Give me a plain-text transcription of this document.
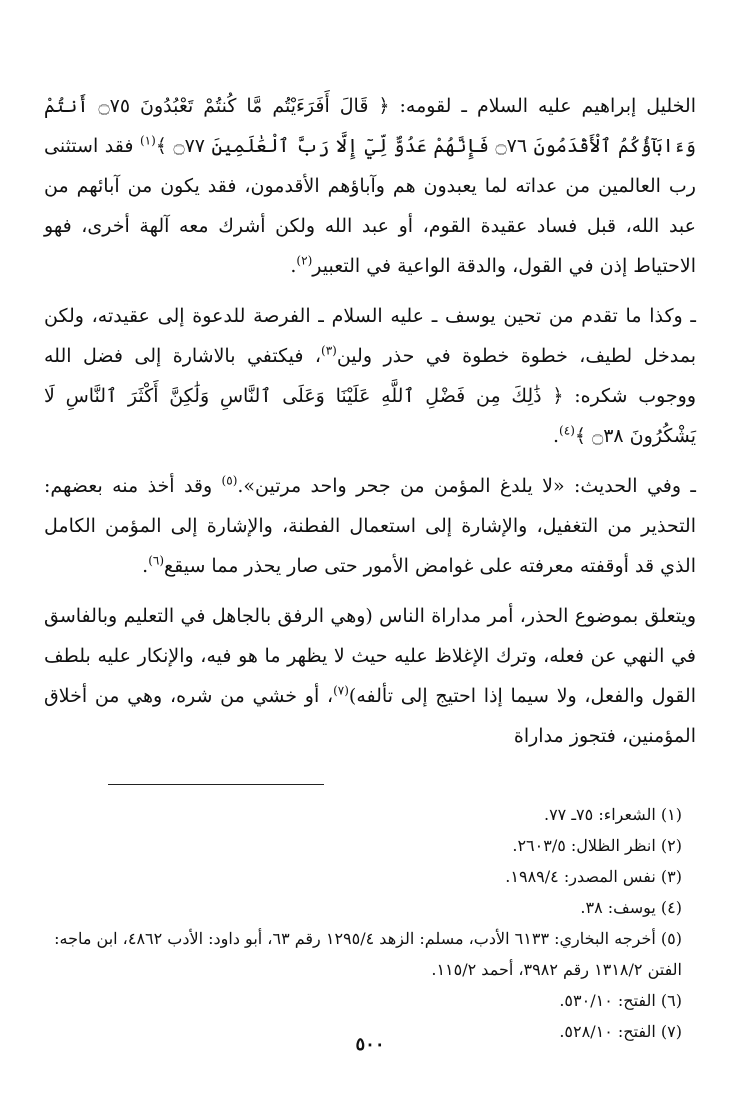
الخليل إبراهيم عليه السلام ـ لقومه: ﴿ قَالَ أَفَرَءَيْتُم مَّا كُنتُمْ تَعْبُدُونَ ۝٧٥ أَنتُمْ وَءَابَآؤُكُمُ ٱلْأَقْدَمُونَ ۝٧٦ فَإِنَّهُمْ عَدُوٌّ لِّيٓ إِلَّا رَبَّ ٱلْعَٰلَمِينَ ۝٧٧ ﴾$^{(١)}$ فقد استثنى رب العالمين من عداته لما يعبدون هم وآباؤهم الأقدمون، فقد يكون من آبائهم من عبد الله، قبل فساد عقيدة القوم، أو عبد الله ولكن أشرك معه آلهة أخرى، فهو الاحتياط إذن في القول، والدقة الواعية في التعبير$^{(٢)}$.

ـ وكذا ما تقدم من تحين يوسف ـ عليه السلام ـ الفرصة للدعوة إلى عقيدته، ولكن بمدخل لطيف، خطوة خطوة في حذر ولين$^{(٣)}$، فيكتفي بالاشارة إلى فضل الله ووجوب شكره: ﴿ ذَٰلِكَ مِن فَضْلِ ٱللَّهِ عَلَيْنَا وَعَلَى ٱلنَّاسِ وَلَٰكِنَّ أَكْثَرَ ٱلنَّاسِ لَا يَشْكُرُونَ ۝٣٨ ﴾$^{(٤)}$.

ـ وفي الحديث: «لا يلدغ المؤمن من جحر واحد مرتين».$^{(٥)}$ وقد أخذ منه بعضهم: التحذير من التغفيل، والإشارة إلى استعمال الفطنة، والإشارة إلى المؤمن الكامل الذي قد أوقفته معرفته على غوامض الأمور حتى صار يحذر مما سيقع$^{(٦)}$.

ويتعلق بموضوع الحذر، أمر مداراة الناس (وهي الرفق بالجاهل في التعليم وبالفاسق في النهي عن فعله، وترك الإغلاظ عليه حيث لا يظهر ما هو فيه، والإنكار عليه بلطف القول والفعل، ولا سيما إذا احتيج إلى تألفه)$^{(٧)}$، أو خشي من شره، وهي من أخلاق المؤمنين، فتجوز مداراة

(١) الشعراء: ٧٥ـ ٧٧.
(٢) انظر الظلال: ٢٦٠٣/٥.
(٣) نفس المصدر: ١٩٨٩/٤.
(٤) يوسف: ٣٨.
(٥) أخرجه البخاري: ٦١٣٣ الأدب، مسلم: الزهد ١٢٩٥/٤ رقم ٦٣، أبو داود: الأدب ٤٨٦٢، ابن ماجه: الفتن ١٣١٨/٢ رقم ٣٩٨٢، أحمد ١١٥/٢.
(٦) الفتح: ٥٣٠/١٠.
(٧) الفتح: ٥٢٨/١٠.
٥٠٠
